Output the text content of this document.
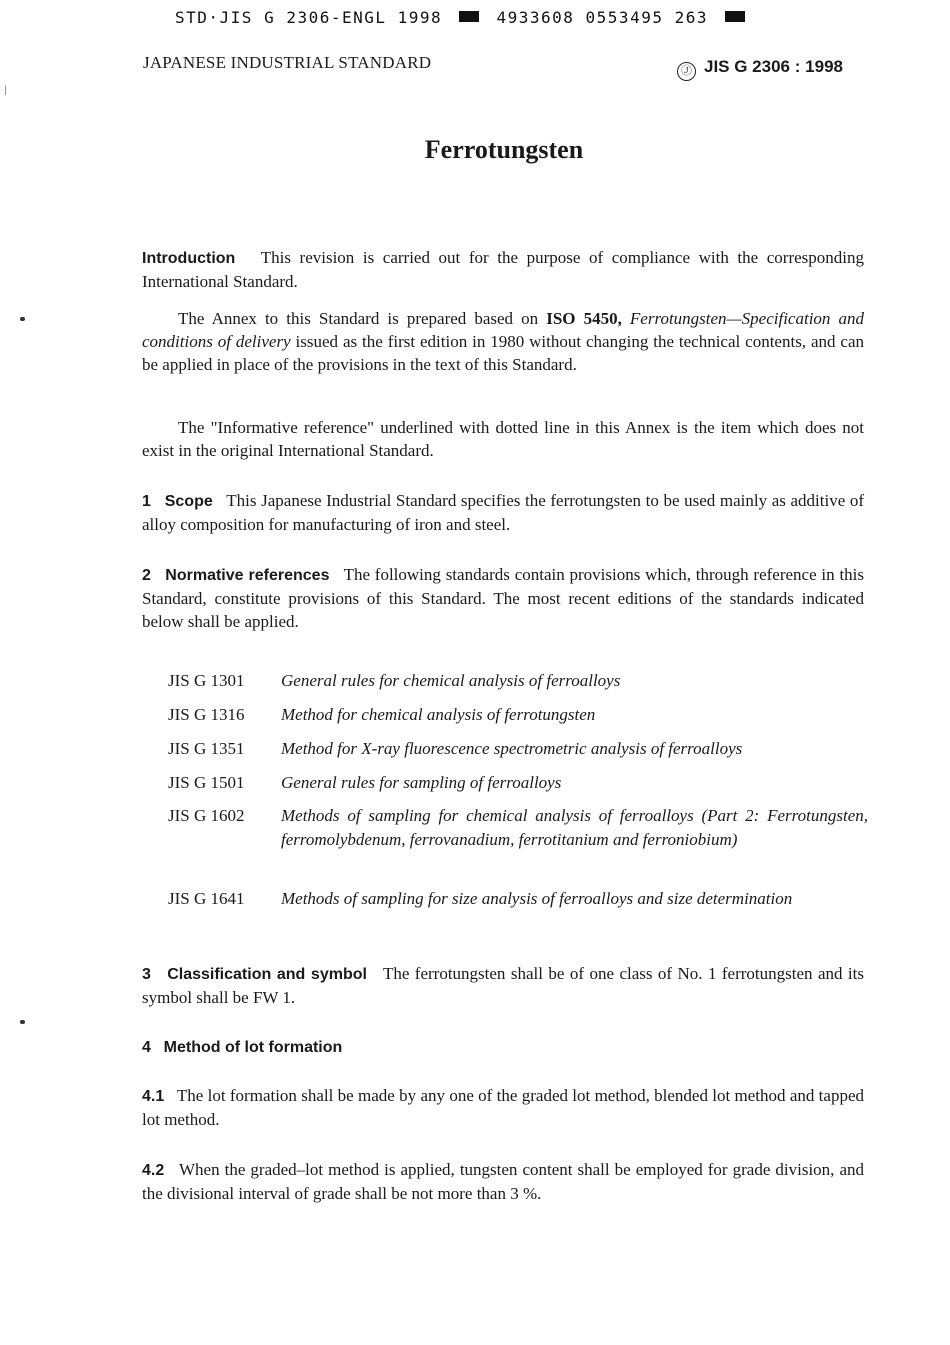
STD·JIS G 2306-ENGL 1998	4933608 0553495 263
JAPANESE INDUSTRIAL STANDARD	Ⓙ JIS G 2306 : 1998
Ferrotungsten
Introduction This revision is carried out for the purpose of compliance with the corresponding International Standard.
The Annex to this Standard is prepared based on ISO 5450, Ferrotungsten—Specification and conditions of delivery issued as the first edition in 1980 without changing the technical contents, and can be applied in place of the provisions in the text of this Standard.
The "Informative reference" underlined with dotted line in this Annex is the item which does not exist in the original International Standard.
1 Scope This Japanese Industrial Standard specifies the ferrotungsten to be used mainly as additive of alloy composition for manufacturing of iron and steel.
2 Normative references The following standards contain provisions which, through reference in this Standard, constitute provisions of this Standard. The most recent editions of the standards indicated below shall be applied.
JIS G 1301	General rules for chemical analysis of ferroalloys
JIS G 1316	Method for chemical analysis of ferrotungsten
JIS G 1351	Method for X-ray fluorescence spectrometric analysis of ferroalloys
JIS G 1501	General rules for sampling of ferroalloys
JIS G 1602	Methods of sampling for chemical analysis of ferroalloys (Part 2: Ferrotungsten, ferromolybdenum, ferrovanadium, ferrotitanium and ferroniobium)
JIS G 1641	Methods of sampling for size analysis of ferroalloys and size determination
3 Classification and symbol The ferrotungsten shall be of one class of No. 1 ferrotungsten and its symbol shall be FW 1.
4 Method of lot formation
4.1 The lot formation shall be made by any one of the graded lot method, blended lot method and tapped lot method.
4.2 When the graded–lot method is applied, tungsten content shall be employed for grade division, and the divisional interval of grade shall be not more than 3 %.
